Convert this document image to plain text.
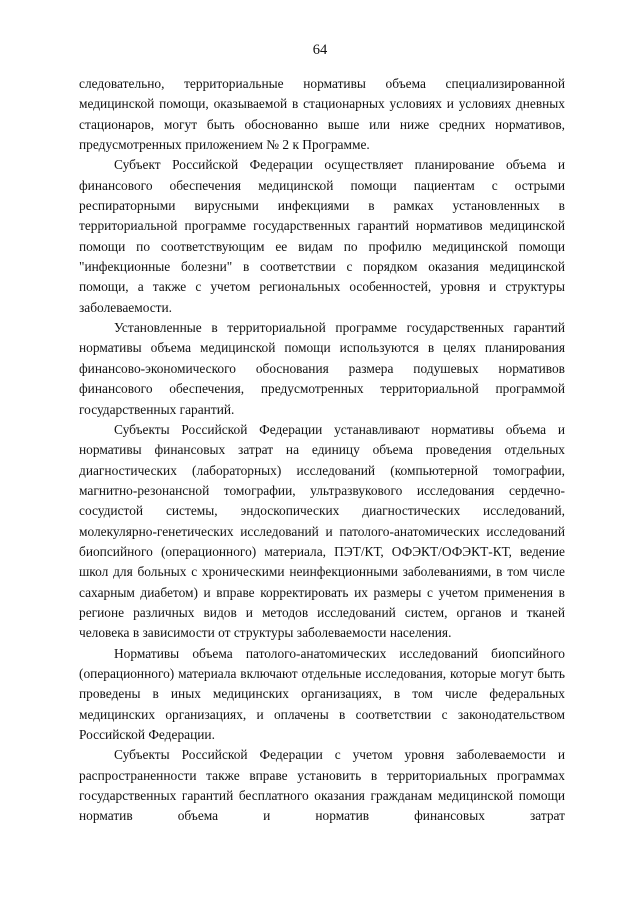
64

следовательно, территориальные нормативы объема специализированной медицинской помощи, оказываемой в стационарных условиях и условиях дневных стационаров, могут быть обоснованно выше или ниже средних нормативов, предусмотренных приложением № 2 к Программе.

Субъект Российской Федерации осуществляет планирование объема и финансового обеспечения медицинской помощи пациентам с острыми респираторными вирусными инфекциями в рамках установленных в территориальной программе государственных гарантий нормативов медицинской помощи по соответствующим ее видам по профилю медицинской помощи "инфекционные болезни" в соответствии с порядком оказания медицинской помощи, а также с учетом региональных особенностей, уровня и структуры заболеваемости.

Установленные в территориальной программе государственных гарантий нормативы объема медицинской помощи используются в целях планирования финансово-экономического обоснования размера подушевых нормативов финансового обеспечения, предусмотренных территориальной программой государственных гарантий.

Субъекты Российской Федерации устанавливают нормативы объема и нормативы финансовых затрат на единицу объема проведения отдельных диагностических (лабораторных) исследований (компьютерной томографии, магнитно-резонансной томографии, ультразвукового исследования сердечно-сосудистой системы, эндоскопических диагностических исследований, молекулярно-генетических исследований и патолого-анатомических исследований биопсийного (операционного) материала, ПЭТ/КТ, ОФЭКТ/ОФЭКТ-КТ, ведение школ для больных с хроническими неинфекционными заболеваниями, в том числе сахарным диабетом) и вправе корректировать их размеры с учетом применения в регионе различных видов и методов исследований систем, органов и тканей человека в зависимости от структуры заболеваемости населения.

Нормативы объема патолого-анатомических исследований биопсийного (операционного) материала включают отдельные исследования, которые могут быть проведены в иных медицинских организациях, в том числе федеральных медицинских организациях, и оплачены в соответствии с законодательством Российской Федерации.

Субъекты Российской Федерации с учетом уровня заболеваемости и распространенности также вправе установить в территориальных программах государственных гарантий бесплатного оказания гражданам медицинской помощи норматив объема и норматив финансовых затрат
